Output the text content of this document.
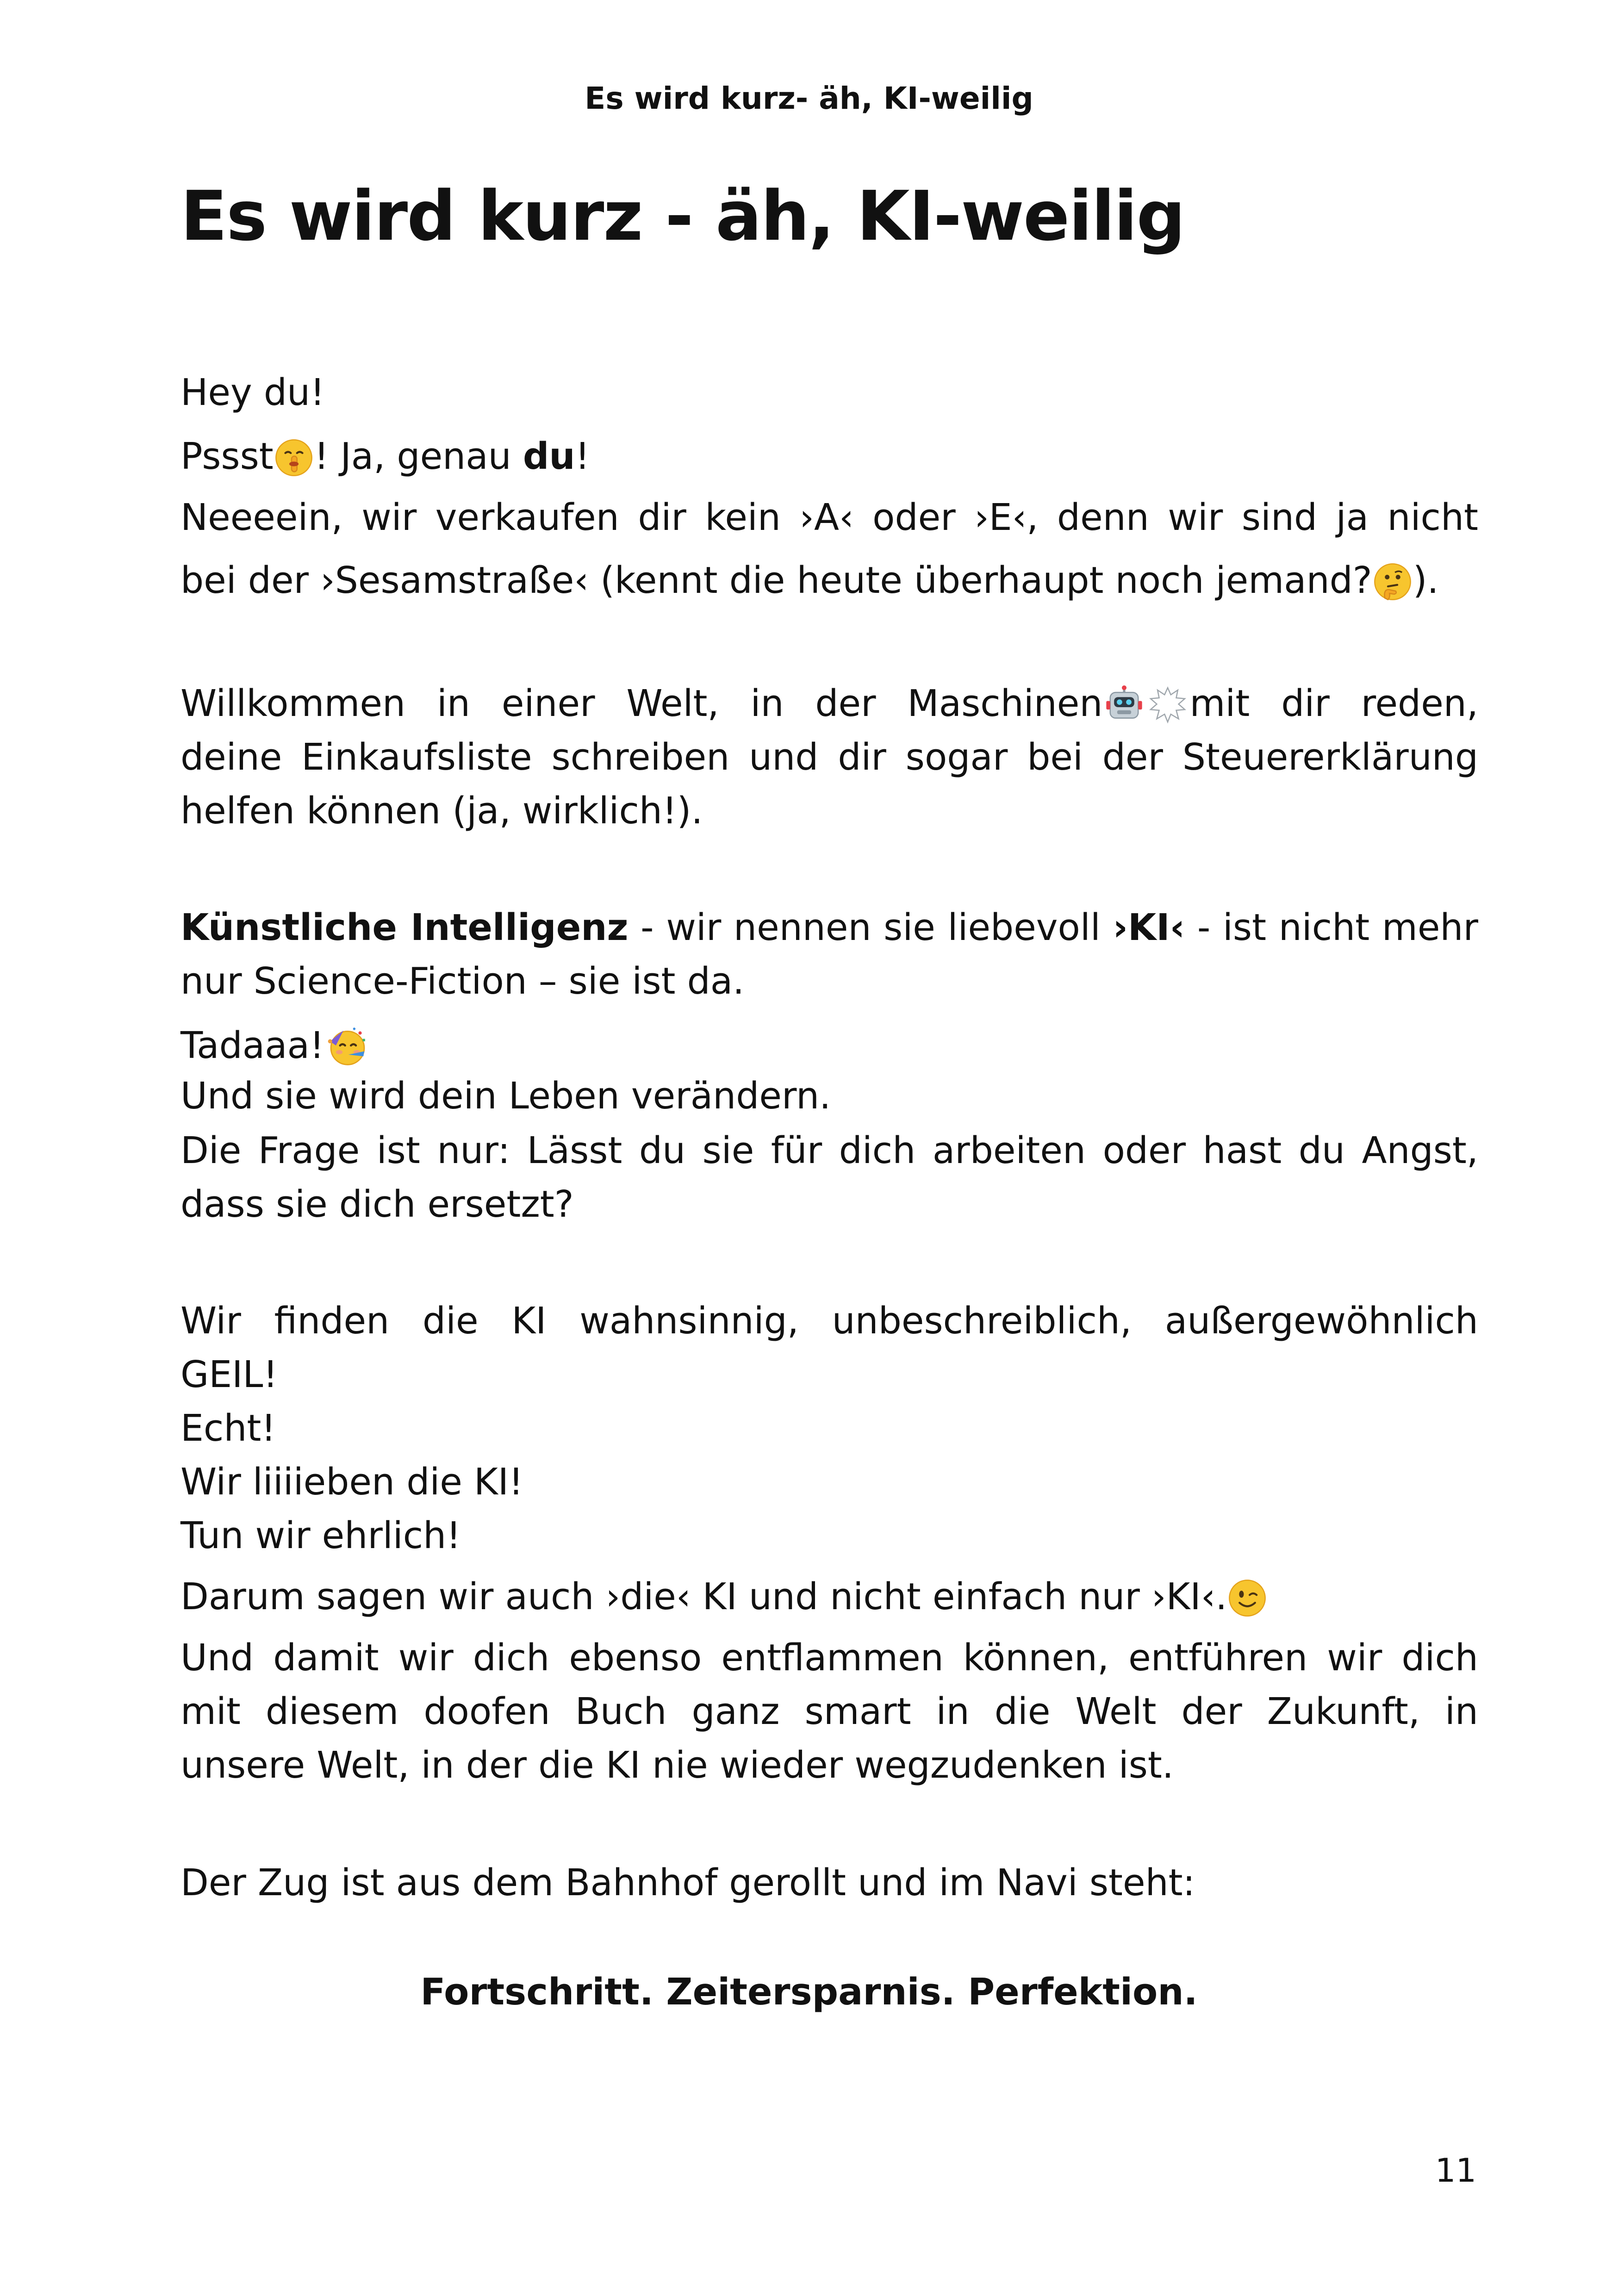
Es wird kurz- äh, KI-weilig
Es wird kurz - äh, KI-weilig
Hey du!
Pssst ! Ja, genau du!
Neeeein, wir verkaufen dir kein ›A‹ oder ›E‹, denn wir sind ja nicht
bei der ›Sesamstraße‹ (kennt die heute überhaupt noch jemand? ).
Willkommen in einer Welt, in der Maschinen mit dir reden,
deine Einkaufsliste schreiben und dir sogar bei der Steuererklärung
helfen können (ja, wirklich!).
Künstliche Intelligenz - wir nennen sie liebevoll ›KI‹ - ist nicht mehr
nur Science-Fiction – sie ist da.
Tadaaa!
Und sie wird dein Leben verändern.
Die Frage ist nur: Lässt du sie für dich arbeiten oder hast du Angst,
dass sie dich ersetzt?
Wir finden die KI wahnsinnig, unbeschreiblich, außergewöhnlich
GEIL!
Echt!
Wir liiiieben die KI!
Tun wir ehrlich!
Darum sagen wir auch ›die‹ KI und nicht einfach nur ›KI‹.
Und damit wir dich ebenso entflammen können, entführen wir dich
mit diesem doofen Buch ganz smart in die Welt der Zukunft, in
unsere Welt, in der die KI nie wieder wegzudenken ist.
Der Zug ist aus dem Bahnhof gerollt und im Navi steht:
Fortschritt. Zeitersparnis. Perfektion.
11
